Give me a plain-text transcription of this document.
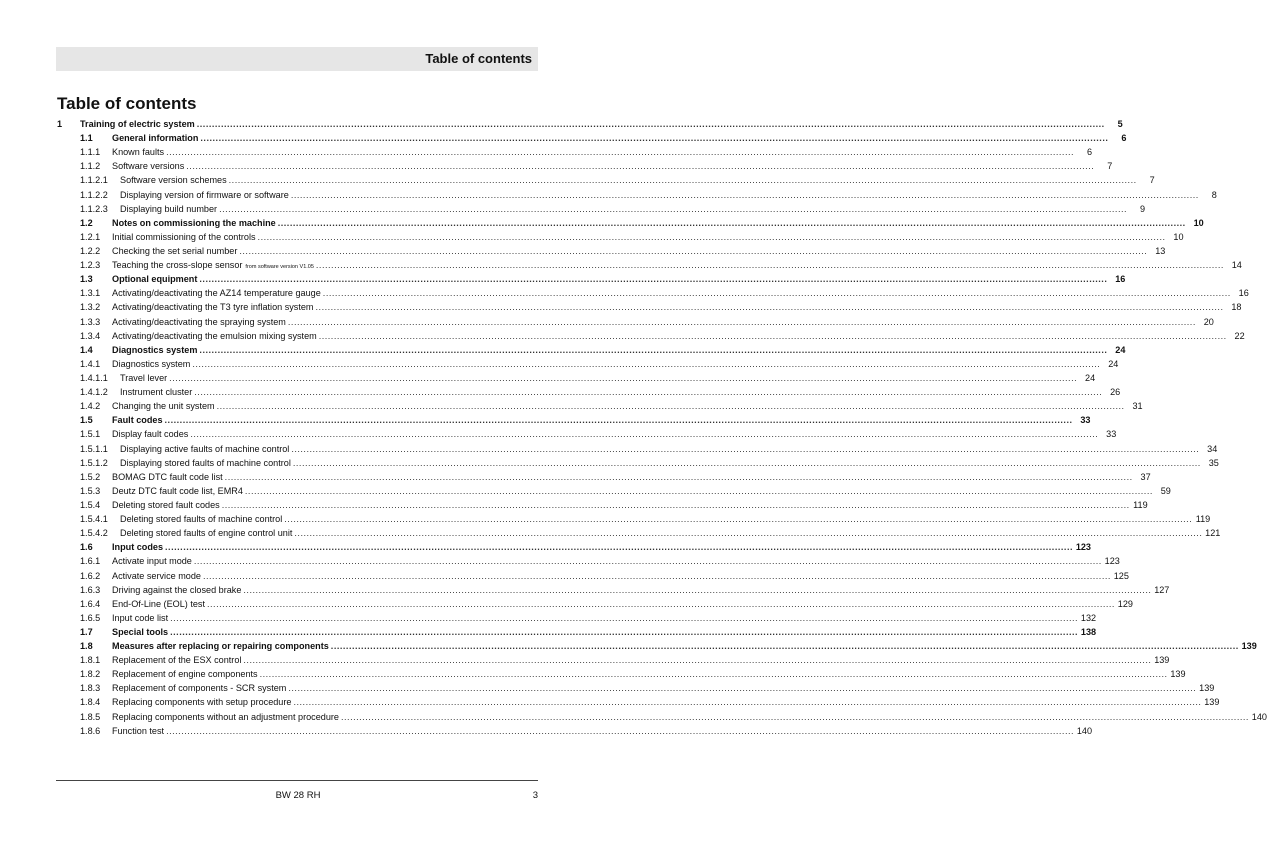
Table of contents
Table of contents
1 Training of electric system ............................................................................................................................................................................................................................................................................................................	5
1.1 General information ............................................................................................................................................................................................................................................................................................................	6
1.1.1 Known faults ............................................................................................................................................................................................................................................................................................................	6
1.1.2 Software versions ............................................................................................................................................................................................................................................................................................................	7
1.1.2.1 Software version schemes ............................................................................................................................................................................................................................................................................................................	7
1.1.2.2 Displaying version of firmware or software ............................................................................................................................................................................................................................................................................................................	8
1.1.2.3 Displaying build number ............................................................................................................................................................................................................................................................................................................	9
1.2 Notes on commissioning the machine ............................................................................................................................................................................................................................................................................................................ 10
1.2.1 Initial commissioning of the controls ............................................................................................................................................................................................................................................................................................................ 10
1.2.2 Checking the set serial number ............................................................................................................................................................................................................................................................................................................ 13
1.2.3 Teaching the cross-slope sensor from software version V1.05 ............................................................................................................................................................................................................................................................................................................ 14
1.3 Optional equipment ............................................................................................................................................................................................................................................................................................................ 16
1.3.1 Activating/deactivating the AZ14 temperature gauge ............................................................................................................................................................................................................................................................................................................ 16
1.3.2 Activating/deactivating the T3 tyre inflation system ............................................................................................................................................................................................................................................................................................................ 18
1.3.3 Activating/deactivating the spraying system ............................................................................................................................................................................................................................................................................................................ 20
1.3.4 Activating/deactivating the emulsion mixing system ............................................................................................................................................................................................................................................................................................................ 22
1.4 Diagnostics system ............................................................................................................................................................................................................................................................................................................ 24
1.4.1 Diagnostics system ............................................................................................................................................................................................................................................................................................................ 24
1.4.1.1 Travel lever ............................................................................................................................................................................................................................................................................................................ 24
1.4.1.2 Instrument cluster ............................................................................................................................................................................................................................................................................................................ 26
1.4.2 Changing the unit system ............................................................................................................................................................................................................................................................................................................ 31
1.5 Fault codes ............................................................................................................................................................................................................................................................................................................ 33
1.5.1 Display fault codes ............................................................................................................................................................................................................................................................................................................ 33
1.5.1.1 Displaying active faults of machine control ............................................................................................................................................................................................................................................................................................................ 34
1.5.1.2 Displaying stored faults of machine control ............................................................................................................................................................................................................................................................................................................ 35
1.5.2 BOMAG DTC fault code list ............................................................................................................................................................................................................................................................................................................ 37
1.5.3 Deutz DTC fault code list, EMR4 ............................................................................................................................................................................................................................................................................................................ 59
1.5.4 Deleting stored fault codes ............................................................................................................................................................................................................................................................................................................ 119
1.5.4.1 Deleting stored faults of machine control ............................................................................................................................................................................................................................................................................................................ 119
1.5.4.2 Deleting stored faults of engine control unit ............................................................................................................................................................................................................................................................................................................ 121
1.6 Input codes ............................................................................................................................................................................................................................................................................................................ 123
1.6.1 Activate input mode ............................................................................................................................................................................................................................................................................................................ 123
1.6.2 Activate service mode ............................................................................................................................................................................................................................................................................................................ 125
1.6.3 Driving against the closed brake ............................................................................................................................................................................................................................................................................................................ 127
1.6.4 End-Of-Line (EOL) test ............................................................................................................................................................................................................................................................................................................ 129
1.6.5 Input code list ............................................................................................................................................................................................................................................................................................................ 132
1.7 Special tools ............................................................................................................................................................................................................................................................................................................ 138
1.8 Measures after replacing or repairing components ............................................................................................................................................................................................................................................................................................................ 139
1.8.1 Replacement of the ESX control ............................................................................................................................................................................................................................................................................................................ 139
1.8.2 Replacement of engine components ............................................................................................................................................................................................................................................................................................................ 139
1.8.3 Replacement of components - SCR system ............................................................................................................................................................................................................................................................................................................ 139
1.8.4 Replacing components with setup procedure ............................................................................................................................................................................................................................................................................................................ 139
1.8.5 Replacing components without an adjustment procedure ............................................................................................................................................................................................................................................................................................................ 140
1.8.6 Function test ............................................................................................................................................................................................................................................................................................................ 140
BW 28 RH	3
